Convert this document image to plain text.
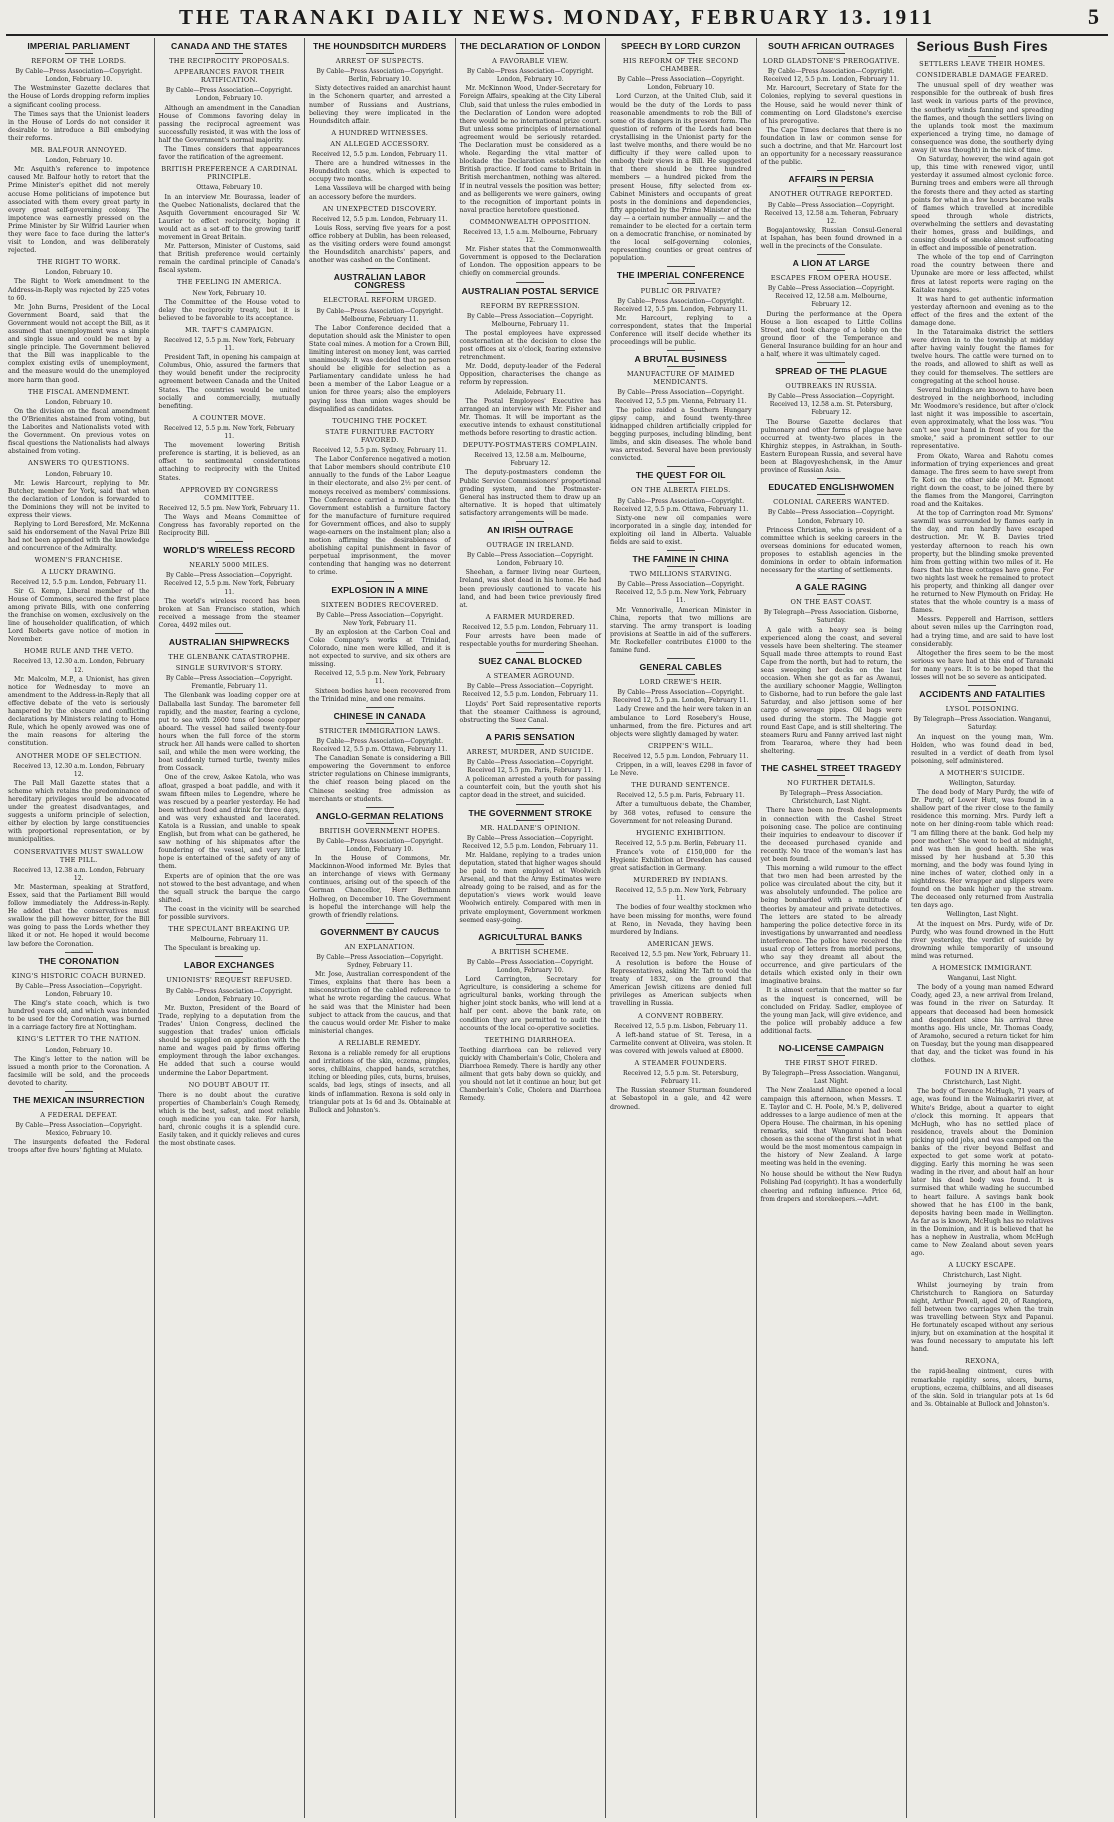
THE TARANAKI DAILY NEWS. MONDAY, FEBRUARY 13. 1911	5
IMPERIAL PARLIAMENT
REFORM OF THE LORDS.
By Cable—Press Association—Copyright. London, February 10.
The Westminster Gazette declares that the House of Lords dropping reform implies a significant cooling process.
The Times says that the Unionist leaders in the House of Lords do not consider it desirable to introduce a Bill embodying their reforms.
MR. BALFOUR ANNOYED.
London, February 10.
Mr. Asquith's reference to impotence caused Mr. Balfour hotly to retort that the Prime Minister's epithet did not merely accuse Home politicians of impotence but associated with them every great party in every great self-governing colony. The impotence was earnestly pressed on the Prime Minister by Sir Wilfrid Laurier when they were face to face during the latter's visit to London, and was deliberately rejected.
THE RIGHT TO WORK.
London, February 10.
The Right to Work amendment to the Address-in-Reply was rejected by 225 votes to 60.
Mr. John Burns, President of the Local Government Board, said that the Government would not accept the Bill, as it assumed that unemployment was a simple and single issue and could be met by a single principle. The Government believed that the Bill was inapplicable to the complex existing evils of unemployment, and the measure would do the unemployed more harm than good.
THE FISCAL AMENDMENT.
London, February 10.
On the division on the fiscal amendment the O'Brienites abstained from voting, but the Laborites and Nationalists voted with the Government. On previous votes on fiscal questions the Nationalists had always abstained from voting.
ANSWERS TO QUESTIONS.
London, February 10.
Mr. Lewis Harcourt, replying to Mr. Butcher, member for York, said that when the declaration of London is forwarded to the Dominions they will not be invited to express their views.
Replying to Lord Beresford, Mr. McKenna said his endorsement of the Naval Prize Bill had not been appended with the knowledge and concurrence of the Admiralty.
WOMEN'S FRANCHISE.
A LUCKY DRAWING.
Received 12, 5.5 p.m. London, February 11.
Sir G. Kemp, Liberal member of the House of Commons, secured the first place among private Bills, with one conferring the franchise on women, exclusively on the line of householder qualification, of which Lord Roberts gave notice of motion in November.
HOME RULE AND THE VETO.
Received 13, 12.30 a.m. London, February 12.
Mr. Malcolm, M.P., a Unionist, has given notice for Wednesday to move an amendment to the Address-in-Reply that all effective debate of the veto is seriously hampered by the obscure and conflicting declarations by Ministers relating to Home Rule, which he openly avowed was one of the main reasons for altering the constitution.
ANOTHER MODE OF SELECTION.
Received 13, 12.30 a.m. London, February 12.
The Pall Mall Gazette states that a scheme which retains the predominance of hereditary privileges would be advocated under the greatest disadvantages, and suggests a uniform principle of selection, either by election by large constituencies with proportional representation, or by municipalities.
CONSERVATIVES MUST SWALLOW THE PILL.
Received 13, 12.38 a.m. London, February 12.
Mr. Masterman, speaking at Stratford, Essex, said that the Parliament Bill would follow immediately the Address-in-Reply. He added that the conservatives must swallow the pill however bitter, for the Bill was going to pass the Lords whether they liked it or not. He hoped it would become law before the Coronation.
THE CORONATION
KING'S HISTORIC COACH BURNED.
By Cable—Press Association—Copyright. London, February 10.
The King's state coach, which is two hundred years old, and which was intended to be used for the Coronation, was burned in a carriage factory fire at Nottingham.
KING'S LETTER TO THE NATION.
London, February 10.
The King's letter to the nation will be issued a month prior to the Coronation. A facsimile will be sold, and the proceeds devoted to charity.
THE MEXICAN INSURRECTION
A FEDERAL DEFEAT.
By Cable—Press Association—Copyright. Mexico, February 10.
The insurgents defeated the Federal troops after five hours' fighting at Mulato.
CANADA AND THE STATES
THE RECIPROCITY PROPOSALS.
APPEARANCES FAVOR THEIR RATIFICATION.
By Cable—Press Association—Copyright. London, February 10.
Although an amendment in the Canadian House of Commons favoring delay in passing the reciprocal agreement was successfully resisted, it was with the loss of half the Government's normal majority.
The Times considers that appearances favor the ratification of the agreement.
BRITISH PREFERENCE A CARDINAL PRINCIPLE.
Ottawa, February 10.
In an interview Mr. Bourassa, leader of the Quebec Nationalists, declared that the Asquith Government encouraged Sir W. Laurier to effect reciprocity, hoping it would act as a set-off to the growing tariff movement in Great Britain.
Mr. Patterson, Minister of Customs, said that British preference would certainly remain the cardinal principle of Canada's fiscal system.
THE FEELING IN AMERICA.
New York, February 10.
The Committee of the House voted to delay the reciprocity treaty, but it is believed to be favorable to its acceptance.
MR. TAFT'S CAMPAIGN.
Received 12, 5.5 p.m. New York, February 11.
President Taft, in opening his campaign at Columbus, Ohio, assured the farmers that they would benefit under the reciprocity agreement between Canada and the United States. The countries would be united socially and commercially, mutually benefiting.
A COUNTER MOVE.
Received 12, 5.5 p.m. New York, February 11.
The movement lowering British preference is starting, it is believed, as an offset to sentimental considerations attaching to reciprocity with the United States.
APPROVED BY CONGRESS COMMITTEE.
Received 12, 5.5 pm. New York, February 11.
The Ways and Means Committee of Congress has favorably reported on the Reciprocity Bill.
WORLD'S WIRELESS RECORD
NEARLY 5000 MILES.
By Cable—Press Association—Copyright. Received 12, 5.5 p.m. New York, February 11.
The world's wireless record has been broken at San Francisco station, which received a message from the steamer Corea, 4492 miles out.
AUSTRALIAN SHIPWRECKS
THE GLENBANK CATASTROPHE.
SINGLE SURVIVOR'S STORY.
By Cable—Press Association—Copyright. Fremantle, February 11.
The Glenbank was loading copper ore at Dallaballa last Sunday. The barometer fell rapidly, and the master, fearing a cyclone, put to sea with 2600 tons of loose copper aboard. The vessel had sailed twenty-four hours when the full force of the storm struck her. All hands were called to shorten sail, and while the men were working, the boat suddenly turned turtle, twenty miles from Cossack.
One of the crew, Askee Katola, who was afloat, grasped a boat paddle, and with it swam fifteen miles to Legendre, where he was rescued by a pearler yesterday. He had been without food and drink for three days, and was very exhausted and lacerated. Katola is a Russian, and unable to speak English, but from what can be gathered, he saw nothing of his shipmates after the foundering of the vessel, and very little hope is entertained of the safety of any of them.
Experts are of opinion that the ore was not stowed to the best advantage, and when the squall struck the barque the cargo shifted.
The coast in the vicinity will be searched for possible survivors.
THE SPECULANT BREAKING UP.
Melbourne, February 11.
The Speculant is breaking up.
LABOR EXCHANGES
UNIONISTS' REQUEST REFUSED.
By Cable—Press Association—Copyright. London, February 10.
Mr. Buxton, President of the Board of Trade, replying to a deputation from the Trades' Union Congress, declined the suggestion that trades' union officials should be supplied on application with the name and wages paid by firms offering employment through the labor exchanges. He added that such a course would undermine the Labor Department.
NO DOUBT ABOUT IT.
There is no doubt about the curative properties of Chamberlain's Cough Remedy, which is the best, safest, and most reliable cough medicine you can take. For harsh, hard, chronic coughs it is a splendid cure. Easily taken, and it quickly relieves and cures the most obstinate cases.
THE HOUNDSDITCH MURDERS
ARREST OF SUSPECTS.
By Cable—Press Association—Copyright. Berlin, February 10.
Sixty detectives raided an anarchist haunt in the Schonern quarter, and arrested a number of Russians and Austrians, believing they were implicated in the Houndsditch affair.
A HUNDRED WITNESSES.
AN ALLEGED ACCESSORY.
Received 12, 5.5 p.m. London, February 11.
There are a hundred witnesses in the Houndsditch case, which is expected to occupy two months.
Lena Vassileva will be charged with being an accessory before the murders.
AN UNEXPECTED DISCOVERY.
Received 12, 5.5 p.m. London, February 11.
Louis Ross, serving five years for a post office robbery at Dublin, has been released, as the visiting orders were found amongst the Houndsditch anarchists' papers, and another was cashed on the Continent.
AUSTRALIAN LABOR CONGRESS
ELECTORAL REFORM URGED.
By Cable—Press Association—Copyright. Melbourne, February 11.
The Labor Conference decided that a deputation should ask the Minister to open State coal mines. A motion for a Crown Bill, limiting interest on money lent, was carried unanimously. It was decided that no person should be eligible for selection as a Parliamentary candidate unless he had been a member of the Labor League or a union for three years; also the employers paying less than union wages should be disqualified as candidates.
TOUCHING THE POCKET.
STATE FURNITURE FACTORY FAVORED.
Received 12, 5.5 p.m. Sydney, February 11.
The Labor Conference negatived a motion that Labor members should contribute £10 annually to the funds of the Labor League in their electorate, and also 2½ per cent. of moneys received as members' commissions. The Conference carried a motion that the Government establish a furniture factory for the manufacture of furniture required for Government offices, and also to supply wage-earners on the instalment plan; also a motion affirming the desirableness of abolishing capital punishment in favor of perpetual imprisonment, the mover contending that hanging was no deterrent to crime.
EXPLOSION IN A MINE
SIXTEEN BODIES RECOVERED.
By Cable—Press Association—Copyright. New York, February 11.
By an explosion at the Carbon Coal and Coke Company's works at Trinidad, Colorado, nine men were killed, and it is not expected to survive, and six others are missing.
Received 12, 5.5 p.m. New York, February 11.
Sixteen bodies have been recovered from the Trinidad mine, and one remains.
CHINESE IN CANADA
STRICTER IMMIGRATION LAWS.
By Cable—Press Association—Copyright. Received 12, 5.5 p.m. Ottawa, February 11.
The Canadian Senate is considering a Bill empowering the Government to enforce stricter regulations on Chinese immigrants, the chief reason being placed on the Chinese seeking free admission as merchants or students.
ANGLO-GERMAN RELATIONS
BRITISH GOVERNMENT HOPES.
By Cable—Press Association—Copyright. London, February 10.
In the House of Commons, Mr. Mackinnon-Wood informed Mr. Byles that an interchange of views with Germany continues, arising out of the speech of the German Chancellor, Herr Bethmann Hollweg, on December 10. The Government is hopeful the interchange will help the growth of friendly relations.
GOVERNMENT BY CAUCUS
AN EXPLANATION.
By Cable—Press Association—Copyright. Sydney, February 11.
Mr. Jose, Australian correspondent of the Times, explains that there has been a misconstruction of the cabled reference to what he wrote regarding the caucus. What he said was that the Minister had been subject to attack from the caucus, and that the caucus would order Mr. Fisher to make ministerial changes.
A RELIABLE REMEDY.
Rexona is a reliable remedy for all eruptions and irritations of the skin, eczema, pimples, sores, chilblains, chapped hands, scratches, itching or bleeding piles, cuts, burns, bruises, scalds, bad legs, stings of insects, and all kinds of inflammation. Rexona is sold only in triangular pots at 1s 6d and 3s. Obtainable at Bullock and Johnston's.
THE DECLARATION OF LONDON
A FAVORABLE VIEW.
By Cable—Press Association—Copyright. London, February 10.
Mr. McKinnon Wood, Under-Secretary for Foreign Affairs, speaking at the City Liberal Club, said that unless the rules embodied in the Declaration of London were adopted there would be no international prize court. But unless some principles of international agreement would be seriously retarded. The Declaration must be considered as a whole. Regarding the vital matter of blockade the Declaration established the British practice. If food came to Britain in British merchantmen, nothing was altered. If in neutral vessels the position was better; and as belligerents we were gainers, owing to the recognition of important points in naval practice heretofore questioned.
COMMONWEALTH OPPOSITION.
Received 13, 1.5 a.m. Melbourne, February 12.
Mr. Fisher states that the Commonwealth Government is opposed to the Declaration of London. The opposition appears to be chiefly on commercial grounds.
AUSTRALIAN POSTAL SERVICE
REFORM BY REPRESSION.
By Cable—Press Association—Copyright. Melbourne, February 11.
The postal employees have expressed consternation at the decision to close the post offices at six o'clock, fearing extensive retrenchment.
Mr. Dodd, deputy-leader of the Federal Opposition, characterises the change as reform by repression.
Adelaide, February 11.
The Postal Employees' Executive has arranged an interview with Mr. Fisher and Mr. Thomas. It will be important as the executive intends to exhaust constitutional methods before resorting to drastic action.
DEPUTY-POSTMASTERS COMPLAIN.
Received 13, 12.58 a.m. Melbourne, February 12.
The deputy-postmasters condemn the Public Service Commissioners' proportional grading system, and the Postmaster-General has instructed them to draw up an alternative. It is hoped that ultimately satisfactory arrangements will be made.
AN IRISH OUTRAGE
OUTRAGE IN IRELAND.
By Cable—Press Association—Copyright. London, February 10.
Sheehan, a farmer living near Gurteen, Ireland, was shot dead in his home. He had been previously cautioned to vacate his land, and had been twice previously fired at.
A FARMER MURDERED.
Received 12, 5.5 p.m. London, February 11.
Four arrests have been made of respectable youths for murdering Sheehan.
SUEZ CANAL BLOCKED
A STEAMER AGROUND.
By Cable—Press Association—Copyright. Received 12, 5.5 p.m. London, February 11.
Lloyds' Port Said representative reports that the steamer Caithness is aground, obstructing the Suez Canal.
A PARIS SENSATION
ARREST, MURDER, AND SUICIDE.
By Cable—Press Association—Copyright. Received 12, 5.5 pm. Paris, February 11.
A policeman arrested a youth for passing a counterfeit coin, but the youth shot his captor dead in the street, and suicided.
THE GOVERNMENT STROKE
MR. HALDANE'S OPINION.
By Cable—Press Association—Copyright. Received 12, 5.5 p.m. London, February 11.
Mr. Haldane, replying to a trades union deputation, stated that higher wages should be paid to men employed at Woolwich Arsenal, and that the Army Estimates were already going to be raised, and as for the deputation's views work would leave Woolwich entirely. Compared with men in private employment, Government workmen seemed easy-going.
AGRICULTURAL BANKS
A BRITISH SCHEME.
By Cable—Press Association—Copyright. London, February 10.
Lord Carrington, Secretary for Agriculture, is considering a scheme for agricultural banks, working through the higher joint stock banks, who will lend at a half per cent. above the bank rate, on condition they are permitted to audit the accounts of the local co-operative societies.
TEETHING DIARRHOEA.
Teething diarrhoea can be relieved very quickly with Chamberlain's Colic, Cholera and Diarrhoea Remedy. There is hardly any other ailment that gets baby down so quickly, and you should not let it continue an hour, but get Chamberlain's Colic, Cholera and Diarrhoea Remedy.
SPEECH BY LORD CURZON
HIS REFORM OF THE SECOND CHAMBER.
By Cable—Press Association—Copyright. London, February 10.
Lord Curzon, at the United Club, said it would be the duty of the Lords to pass reasonable amendments to rob the Bill of some of its dangers in its present form. The question of reform of the Lords had been crystallising in the Unionist party for the last twelve months, and there would be no difficulty if they were called upon to embody their views in a Bill. He suggested that there should be three hundred members — a hundred picked from the present House, fifty selected from ex-Cabinet Ministers and occupants of great posts in the dominions and dependencies, fifty appointed by the Prime Minister of the day — a certain number annually — and the remainder to be elected for a certain term on a democratic franchise, or nominated by the local self-governing colonies, representing counties or great centres of population.
THE IMPERIAL CONFERENCE
PUBLIC OR PRIVATE?
By Cable—Press Association—Copyright. Received 12, 5.5 pm. London, February 11.
Mr. Harcourt, replying to a correspondent, states that the Imperial Conference will itself decide whether its proceedings will be public.
A BRUTAL BUSINESS
MANUFACTURE OF MAIMED MENDICANTS.
By Cable—Press Association—Copyright. Received 12, 5.5 pm. Vienna, February 11.
The police raided a Southern Hungary gipsy camp, and found twenty-three kidnapped children artificially crippled for begging purposes, including blinding, bent limbs, and skin diseases. The whole band was arrested. Several have been previously convicted.
THE QUEST FOR OIL
ON THE ALBERTA FIELDS.
By Cable—Press Association—Copyright. Received 12, 5.5 p.m. Ottawa, February 11.
Sixty-one new oil companies were incorporated in a single day, intended for exploiting oil land in Alberta. Valuable fields are said to exist.
THE FAMINE IN CHINA
TWO MILLIONS STARVING.
By Cable—Press Association—Copyright. Received 12, 5.5 p.m. New York, February 11.
Mr. Vennorivalle, American Minister in China, reports that two millions are starving. The army transport is loading provisions at Seattle in aid of the sufferers. Mr. Rockefeller contributes £1000 to the famine fund.
GENERAL CABLES
LORD CREWE'S HEIR.
By Cable—Press Association—Copyright. Received 12, 5.5 p.m. London, February 11.
Lady Crewe and the heir were taken in an ambulance to Lord Rosebery's House, unharmed, from the fire. Pictures and art objects were slightly damaged by water.
CRIPPEN'S WILL.
Received 12, 5.5 p.m. London, February 11.
Crippen, in a will, leaves £298 in favor of Le Neve.
THE DURAND SENTENCE.
Received 12, 5.5 p.m. Paris, February 11.
After a tumultuous debate, the Chamber, by 368 votes, refused to censure the Government for not releasing Durand.
HYGIENIC EXHIBITION.
Received 12, 5.5 p.m. Berlin, February 11.
France's vote of £150,000 for the Hygienic Exhibition at Dresden has caused great satisfaction in Germany.
MURDERED BY INDIANS.
Received 12, 5.5 p.m. New York, February 11.
The bodies of four wealthy stockmen who have been missing for months, were found at Reno, in Nevada, they having been murdered by Indians.
AMERICAN JEWS.
Received 12, 5.5 pm. New York, February 11.
A resolution is before the House of Representatives, asking Mr. Taft to void the treaty of 1832, on the ground that American Jewish citizens are denied full privileges as American subjects when travelling in Russia.
A CONVENT ROBBERY.
Received 12, 5.5 p.m. Lisbon, February 11.
A left-hand statue of St. Teresa, in a Carmelite convent at Oliveira, was stolen. It was covered with jewels valued at £8000.
A STEAMER FOUNDERS.
Received 12, 5.5 p.m. St. Petersburg, February 11.
The Russian steamer Sturman foundered at Sebastopol in a gale, and 42 were drowned.
SOUTH AFRICAN OUTRAGES
LORD GLADSTONE'S PREROGATIVE.
By Cable—Press Association—Copyright. Received 12, 5.5 p.m. London, February 11.
Mr. Harcourt, Secretary of State for the Colonies, replying to several questions in the House, said he would never think of commenting on Lord Gladstone's exercise of his prerogative.
The Cape Times declares that there is no foundation in law or common sense for such a doctrine, and that Mr. Harcourt lost an opportunity for a necessary reassurance of the public.
AFFAIRS IN PERSIA
ANOTHER OUTRAGE REPORTED.
By Cable—Press Association—Copyright. Received 13, 12.58 a.m. Teheran, February 12.
Bogajantowsky, Russian Consul-General at Ispahan, has been found drowned in a well in the precincts of the Consulate.
A LION AT LARGE
ESCAPES FROM OPERA HOUSE.
By Cable—Press Association—Copyright. Received 12, 12.58 a.m. Melbourne, February 12.
During the performance at the Opera House a lion escaped to Little Collins Street, and took charge of a lobby on the ground floor of the Temperance and General Insurance building for an hour and a half, where it was ultimately caged.
SPREAD OF THE PLAGUE
OUTBREAKS IN RUSSIA.
By Cable—Press Association—Copyright. Received 13, 12.58 a.m. St. Petersburg, February 12.
The Bourse Gazette declares that pulmonary and other forms of plague have occurred at twenty-two places in the Khirghiz steppes, in Astrakhan, in South-Eastern European Russia, and several have been at Blagovyeshchensk, in the Amur province of Russian Asia.
EDUCATED ENGLISHWOMEN
COLONIAL CAREERS WANTED.
By Cable—Press Association—Copyright. London, February 10.
Princess Christian, who is president of a committee which is seeking careers in the overseas dominions for educated women, proposes to establish agencies in the dominions in order to obtain information necessary for the starting of settlements.
A GALE RAGING
ON THE EAST COAST.
By Telegraph—Press Association. Gisborne, Saturday.
A gale with a heavy sea is being experienced along the coast, and several vessels have been sheltering. The steamer Squall made three attempts to round East Cape from the north, but had to return, the seas sweeping her decks on the last occasion. When she got as far as Awanui, the auxiliary schooner Maggie, Wellington to Gisborne, had to run before the gale last Saturday, and also jettison some of her cargo of sewerage pipes. Oil bags were used during the storm. The Maggie got round East Cape, and is still sheltering. The steamers Ruru and Fanny arrived last night from Teararoa, where they had been sheltering.
THE CASHEL STREET TRAGEDY
NO FURTHER DETAILS.
By Telegraph—Press Association. Christchurch, Last Night.
There have been no fresh developments in connection with the Cashel Street poisoning case. The police are continuing their inquiries to endeavour to discover if the deceased purchased cyanide and recently. No trace of the woman's last has yet been found.
This morning a wild rumour to the effect that two men had been arrested by the police was circulated about the city, but it was absolutely unfounded. The police are being bombarded with a multitude of theories by amateur and private detectives. The letters are stated to be already hampering the police detective force in its investigations by unwarranted and needless interference. The police have received the usual crop of letters from morbid persons, who say they dreamt all about the occurrence, and give particulars of the details which existed only in their own imaginative brains.
It is almost certain that the matter so far as the inquest is concerned, will be concluded on Friday. Sadler, employee of the young man Jack, will give evidence, and the police will probably adduce a few additional facts.
NO-LICENSE CAMPAIGN
THE FIRST SHOT FIRED.
By Telegraph—Press Association. Wanganui, Last Night.
The New Zealand Alliance opened a local campaign this afternoon, when Messrs. T. E. Taylor and C. H. Poole, M.'s P., delivered addresses to a large audience of men at the Opera House. The chairman, in his opening remarks, said that Wanganui had been chosen as the scene of the first shot in what would be the most momentous campaign in the history of New Zealand. A large meeting was held in the evening.
No house should be without the New Rudyn Polishing Pad (copyright). It has a wonderfully cheering and refining influence. Price 6d, from drapers and storekeepers.—Advt.
Serious Bush Fires
SETTLERS LEAVE THEIR HOMES.
CONSIDERABLE DAMAGE FEARED.
The unusual spell of dry weather was responsible for the outbreak of bush fires last week in various parts of the province, the southerly winds fanning and spreading the flames, and though the settlers living on the uplands took most the maximum experienced a trying time, no damage of consequence was done, the southerly dying away (it was thought) in the nick of time.
On Saturday, however, the wind again got up, this time with renewed vigor, until yesterday it assumed almost cyclonic force. Burning trees and embers were all through the forests there and they acted as starting points for what in a few hours became walls of flames which travelled at incredible speed through whole districts, overwhelming the settlers and devastating their homes, grass and buildings, and causing clouds of smoke almost suffocating in effect and impossible of penetration.
The whole of the top end of Carrington road the country between there and Upunake are more or less affected, whilst fires at latest reports were raging on the Kaitake ranges.
It was hard to get authentic information yesterday afternoon and evening as to the effect of the fires and the extent of the damage done.
In the Tataraimaka district the settlers were driven in to the township at midday after having vainly fought the flames for twelve hours. The cattle were turned on to the roads, and allowed to shift as well as they could for themselves. The settlers are congregating at the school house.
Several buildings are known to have been destroyed in the neighborhood, including Mr. Woodmore's residence, but after o'clock last night it was impossible to ascertain, even approximately, what the loss was. "You can't see your hand in front of you for the smoke," said a prominent settler to our representative.
From Okato, Warea and Rahotu comes information of trying experiences and great damage. The fires seem to have swept from Te Koti on the other side of Mt. Egmont right down the coast, to be joined there by the flames from the Mangorei, Carrington road and the Kaitakes.
At the top of Carrington road Mr. Symons' sawmill was surrounded by flames early in the day, and ran hardly have escaped destruction. Mr. W. B. Davies tried yesterday afternoon to reach his own property, but the blinding smoke prevented him from getting within two miles of it. He fears that his three cottages have gone. For two nights last week he remained to protect his property, and thinking all danger over he returned to New Plymouth on Friday. He states that the whole country is a mass of flames.
Messrs. Pepperell and Harrison, settlers about seven miles up the Carrington road, had a trying time, and are said to have lost considerably.
Altogether the fires seem to be the most serious we have had at this end of Taranaki for many years. It is to be hoped that the losses will not be so severe as anticipated.
ACCIDENTS AND FATALITIES
LYSOL POISONING.
By Telegraph—Press Association. Wanganui, Saturday.
An inquest on the young man, Wm. Holden, who was found dead in bed, resulted in a verdict of death from lysol poisoning, self administered.
A MOTHER'S SUICIDE.
Wellington, Saturday.
The dead body of Mary Purdy, the wife of Dr. Purdy, of Lower Hutt, was found in a shallow part of the river close to the family residence this morning. Mrs. Purdy left a note on her dining-room table which read: "I am filling there at the bank. God help my poor mother." She went to bed at midnight, and was then in good health. She was missed by her husband at 5.30 this morning, and the body was found lying in nine inches of water, clothed only in a nightdress. Her wrapper and slippers were found on the bank higher up the stream. The deceased only returned from Australia ten days ago.
Wellington, Last Night.
At the inquest on Mrs. Purdy, wife of Dr. Purdy, who was found drowned in the Hutt river yesterday, the verdict of suicide by drowning while temporarily of unsound mind was returned.
A HOMESICK IMMIGRANT.
Wanganui, Last Night.
The body of a young man named Edward Coady, aged 23, a new arrival from Ireland, was found in the river on Saturday. It appears that deceased had been homesick and despondent since his arrival three months ago. His uncle, Mr. Thomas Coady, of Aramoho, secured a return ticket for him on Tuesday, but the young man disappeared that day, and the ticket was found in his clothes.
FOUND IN A RIVER.
Christchurch, Last Night.
The body of Terence McHugh, 71 years of age, was found in the Waimakariri river, at White's Bridge, about a quarter to eight o'clock this morning. It appears that McHugh, who has no settled place of residence, travels about the Dominion picking up odd jobs, and was camped on the banks of the river beyond Belfast and expected to get some work at potato-digging. Early this morning he was seen wading in the river, and about half an hour later his dead body was found. It is surmised that while wading he succumbed to heart failure. A savings bank book showed that he has £100 in the bank, deposits having been made in Wellington. As far as is known, McHugh has no relatives in the Dominion, and it is believed that he has a nephew in Australia, whom McHugh came to New Zealand about seven years ago.
A LUCKY ESCAPE.
Christchurch, Last Night.
Whilst journeying by train from Christchurch to Rangiora on Saturday night, Arthur Powell, aged 20, of Rangiora, fell between two carriages when the train was travelling between Styx and Papanui. He fortunately escaped without any serious injury, but on examination at the hospital it was found necessary to amputate his left hand.
REXONA,
the rapid-healing ointment, cures with remarkable rapidity sores, ulcers, burns, eruptions, eczema, chilblains, and all diseases of the skin. Sold in triangular pots at 1s 6d and 3s. Obtainable at Bullock and Johnston's.
